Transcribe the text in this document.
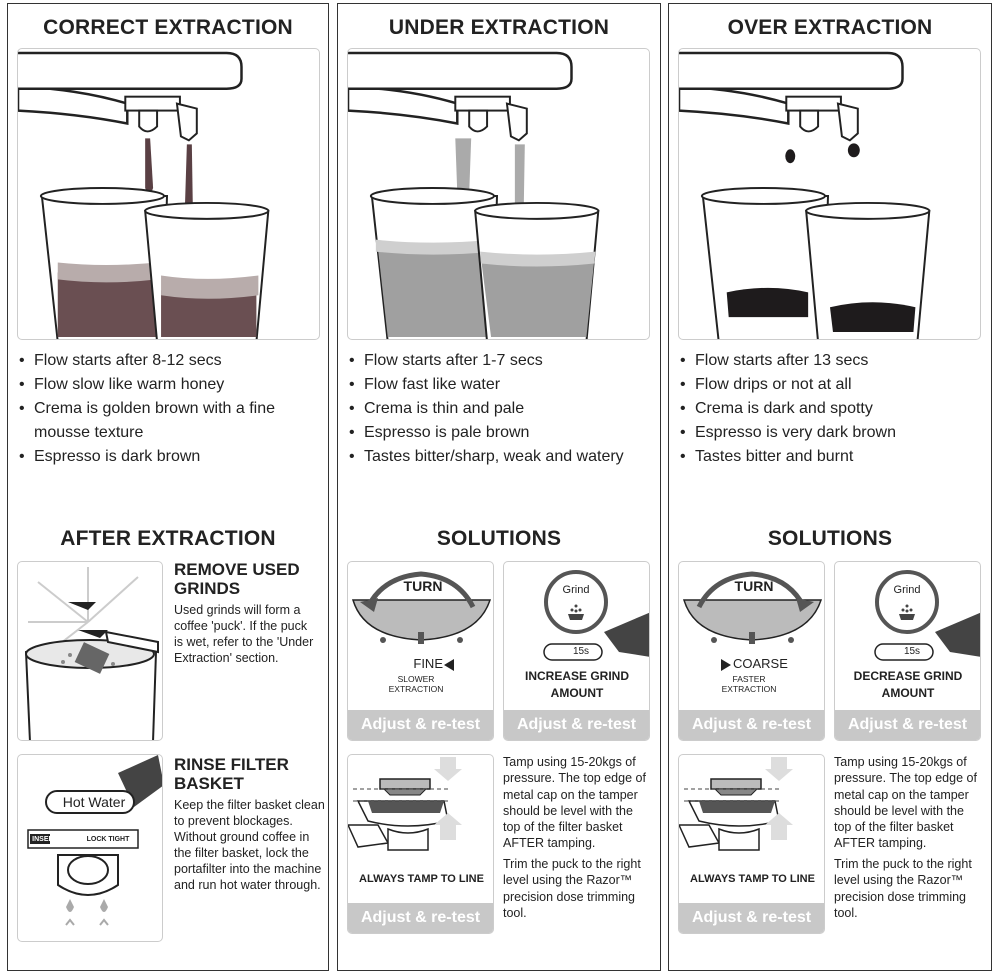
CORRECT EXTRACTION
• Flow starts after 8-12 secs
• Flow slow like warm honey
• Crema is golden brown with a fine mousse texture
• Espresso is dark brown
AFTER EXTRACTION
REMOVE USED GRINDS
Used grinds will form a coffee 'puck'. If the puck is wet, refer to the 'Under Extraction' section.
Hot Water
INSERT	LOCK TIGHT
RINSE FILTER BASKET
Keep the filter basket clean to prevent blockages. Without ground coffee in the filter basket, lock the portafilter into the machine and run hot water through.
UNDER EXTRACTION
• Flow starts after 1-7 secs
• Flow fast like water
• Crema is thin and pale
• Espresso is pale brown
• Tastes bitter/sharp, weak and watery
SOLUTIONS
TURN
FINE
SLOWER EXTRACTION
Adjust & re-test
Grind
15s
INCREASE GRIND AMOUNT
Adjust & re-test
ALWAYS TAMP TO LINE
Adjust & re-test
Tamp using 15-20kgs of pressure. The top edge of metal cap on the tamper should be level with the top of the filter basket AFTER tamping.
Trim the puck to the right level using the Razor™ precision dose trimming tool.
OVER EXTRACTION
• Flow starts after 13 secs
• Flow drips or not at all
• Crema is dark and spotty
• Espresso is very dark brown
• Tastes bitter and burnt
SOLUTIONS
TURN
COARSE
FASTER EXTRACTION
Adjust & re-test
Grind
15s
DECREASE GRIND AMOUNT
Adjust & re-test
ALWAYS TAMP TO LINE
Adjust & re-test
Tamp using 15-20kgs of pressure. The top edge of metal cap on the tamper should be level with the top of the filter basket AFTER tamping.
Trim the puck to the right level using the Razor™ precision dose trimming tool.
